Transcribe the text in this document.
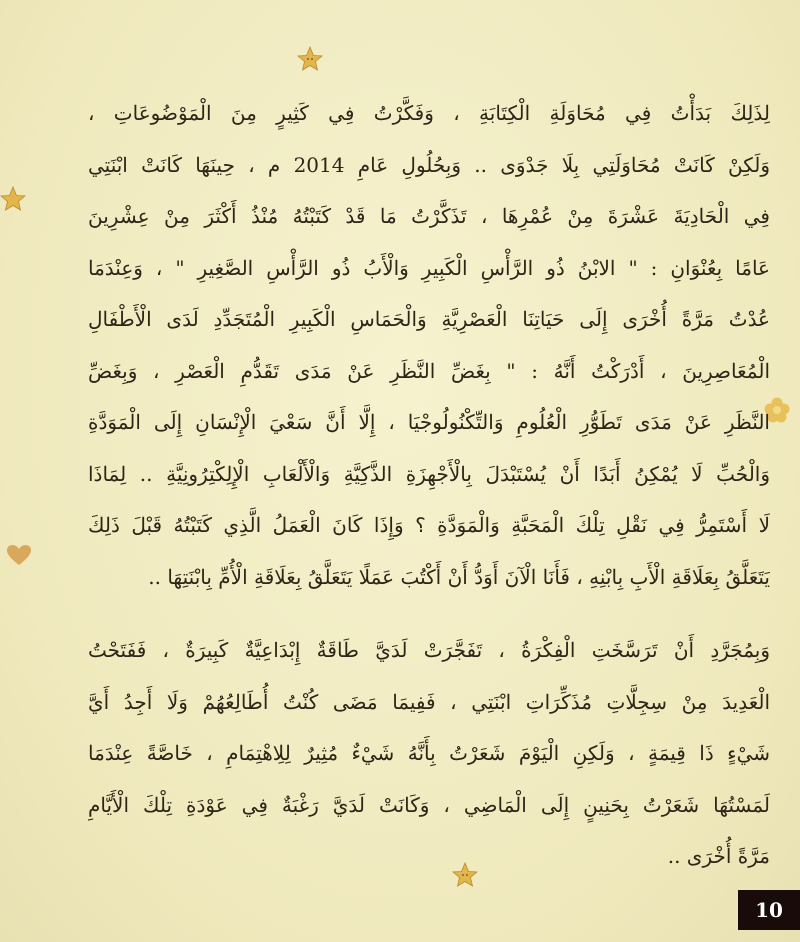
لِذَلِكَ بَدَأْتُ فِي مُحَاوَلَةِ الْكِتَابَةِ ، وَفَكَّرْتُ فِي كَثِيرٍ مِنَ الْمَوْضُوعَاتِ ،
وَلَكِنْ كَانَتْ مُحَاوَلَتِي بِلَا جَدْوَى .. وَبِحُلُولِ عَامِ 2014 م ، حِينَهَا كَانَتْ ابْنَتِي
فِي الْحَادِيَةَ عَشْرَةَ مِنْ عُمْرِهَا ، تَذَكَّرْتُ مَا قَدْ كَتَبْتُهُ مُنْذُ أَكْثَرَ مِنْ عِشْرِينَ
عَامًا بِعُنْوَانِ : " الابْنُ ذُو الرَّأْسِ الْكَبِيرِ وَالْأَبُ ذُو الرَّأْسِ الصَّغِيرِ " ، وَعِنْدَمَا
عُدْتُ مَرَّةً أُخْرَى إِلَى حَيَاتِنَا الْعَصْرِيَّةِ وَالْحَمَاسِ الْكَبِيرِ الْمُتَجَدِّدِ لَدَى الْأَطْفَالِ
الْمُعَاصِرِينَ ، أَدْرَكْتُ أَنَّهُ : " بِغَضِّ النَّظَرِ عَنْ مَدَى تَقَدُّمِ الْعَصْرِ ، وَبِغَضِّ
النَّظَرِ عَنْ مَدَى تَطَوُّرِ الْعُلُومِ وَالتِّكْنُولُوجْيَا ، إِلَّا أَنَّ سَعْيَ الْإِنْسَانِ إِلَى الْمَوَدَّةِ
وَالْحُبِّ لَا يُمْكِنُ أَبَدًا أَنْ يُسْتَبْدَلَ بِالْأَجْهِزَةِ الذَّكِيَّةِ وَالْأَلْعَابِ الْإِلِكْتِرُونِيَّةِ .. لِمَاذَا
لَا أَسْتَمِرُّ فِي نَقْلِ تِلْكَ الْمَحَبَّةِ وَالْمَوَدَّةِ ؟ وَإِذَا كَانَ الْعَمَلُ الَّذِي كَتَبْتُهُ قَبْلَ ذَلِكَ
يَتَعَلَّقُ بِعَلَاقَةِ الْأَبِ بِابْنِهِ ، فَأَنَا الْآنَ أَوَدُّ أَنْ أَكْتُبَ عَمَلًا يَتَعَلَّقُ بِعَلَاقَةِ الْأُمِّ بِابْنَتِهَا ..
وَبِمُجَرَّدِ أَنْ تَرَسَّخَتِ الْفِكْرَةُ ، تَفَجَّرَتْ لَدَيَّ طَاقَةٌ إِبْدَاعِيَّةٌ كَبِيرَةٌ ، فَفَتَحْتُ
الْعَدِيدَ مِنْ سِجِلَّاتِ مُذَكِّرَاتِ ابْنَتِي ، فَفِيمَا مَضَى كُنْتُ أُطَالِعُهُمْ وَلَا أَجِدُ أَيَّ
شَيْءٍ ذَا قِيمَةٍ ، وَلَكِنِ الْيَوْمَ شَعَرْتُ بِأَنَّهُ شَيْءٌ مُثِيرٌ لِلِاهْتِمَامِ ، خَاصَّةً عِنْدَمَا
لَمَسْتُهَا شَعَرْتُ بِحَنِينٍ إِلَى الْمَاضِي ، وَكَانَتْ لَدَيَّ رَغْبَةٌ فِي عَوْدَةِ تِلْكَ الْأَيَّامِ
مَرَّةً أُخْرَى ..
10
